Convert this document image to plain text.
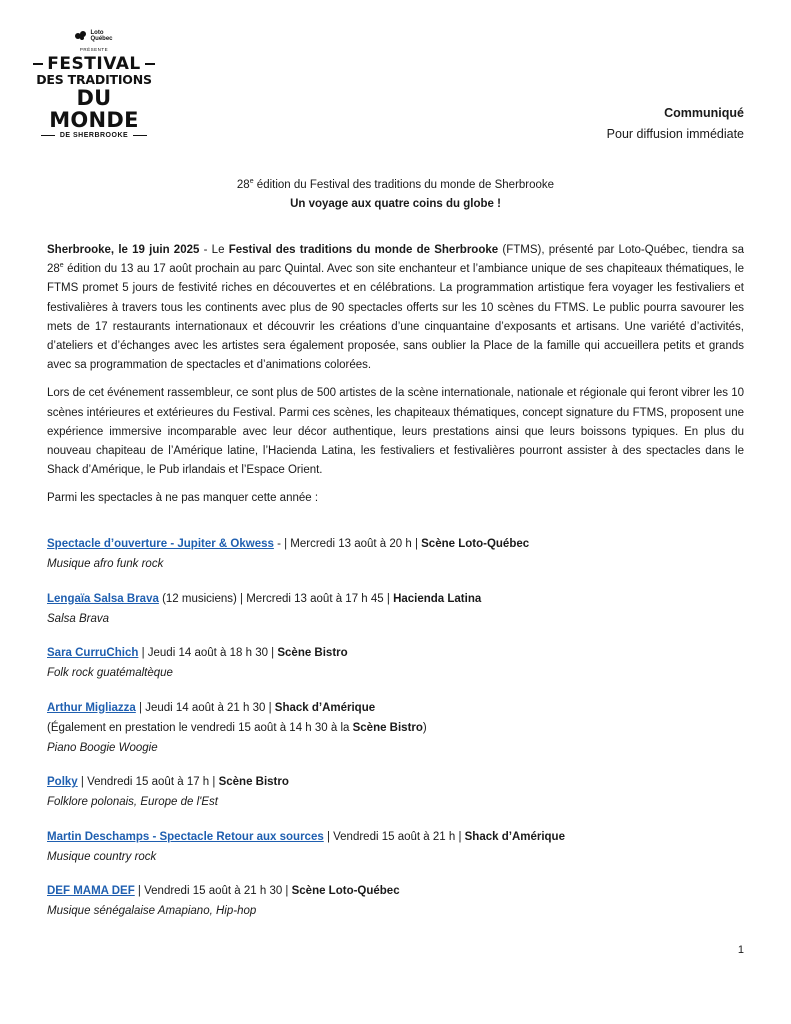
Loto
Québec
PRÉSENTE
FESTIVAL
DES TRADITIONS
DU MONDE
DE SHERBROOKE
Communiqué
Pour diffusion immédiate
28e édition du Festival des traditions du monde de Sherbrooke
Un voyage aux quatre coins du globe !

Sherbrooke, le 19 juin 2025 - Le Festival des traditions du monde de Sherbrooke (FTMS), présenté par Loto-Québec, tiendra sa 28e édition du 13 au 17 août prochain au parc Quintal. Avec son site enchanteur et l’ambiance unique de ses chapiteaux thématiques, le FTMS promet 5 jours de festivité riches en découvertes et en célébrations. La programmation artistique fera voyager les festivaliers et festivalières à travers tous les continents avec plus de 90 spectacles offerts sur les 10 scènes du FTMS. Le public pourra savourer les mets de 17 restaurants internationaux et découvrir les créations d’une cinquantaine d’exposants et artisans. Une variété d’activités, d’ateliers et d’échanges avec les artistes sera également proposée, sans oublier la Place de la famille qui accueillera petits et grands avec sa programmation de spectacles et d’animations colorées.

Lors de cet événement rassembleur, ce sont plus de 500 artistes de la scène internationale, nationale et régionale qui feront vibrer les 10 scènes intérieures et extérieures du Festival. Parmi ces scènes, les chapiteaux thématiques, concept signature du FTMS, proposent une expérience immersive incomparable avec leur décor authentique, leurs prestations ainsi que leurs boissons typiques. En plus du nouveau chapiteau de l’Amérique latine, l’Hacienda Latina, les festivaliers et festivalières pourront assister à des spectacles dans le Shack d’Amérique, le Pub irlandais et l’Espace Orient.

Parmi les spectacles à ne pas manquer cette année :

Spectacle d’ouverture - Jupiter & Okwess - | Mercredi 13 août à 20 h | Scène Loto-Québec
Musique afro funk rock
Lengaïa Salsa Brava (12 musiciens) | Mercredi 13 août à 17 h 45 | Hacienda Latina
Salsa Brava
Sara CurruChich | Jeudi 14 août à 18 h 30 | Scène Bistro
Folk rock guatémaltèque
Arthur Migliazza | Jeudi 14 août à 21 h 30 | Shack d’Amérique
(Également en prestation le vendredi 15 août à 14 h 30 à la Scène Bistro)
Piano Boogie Woogie
Polky | Vendredi 15 août à 17 h | Scène Bistro
Folklore polonais, Europe de l'Est
Martin Deschamps - Spectacle Retour aux sources | Vendredi 15 août à 21 h | Shack d’Amérique
Musique country rock
DEF MAMA DEF | Vendredi 15 août à 21 h 30 | Scène Loto-Québec
Musique sénégalaise Amapiano, Hip-hop
1
